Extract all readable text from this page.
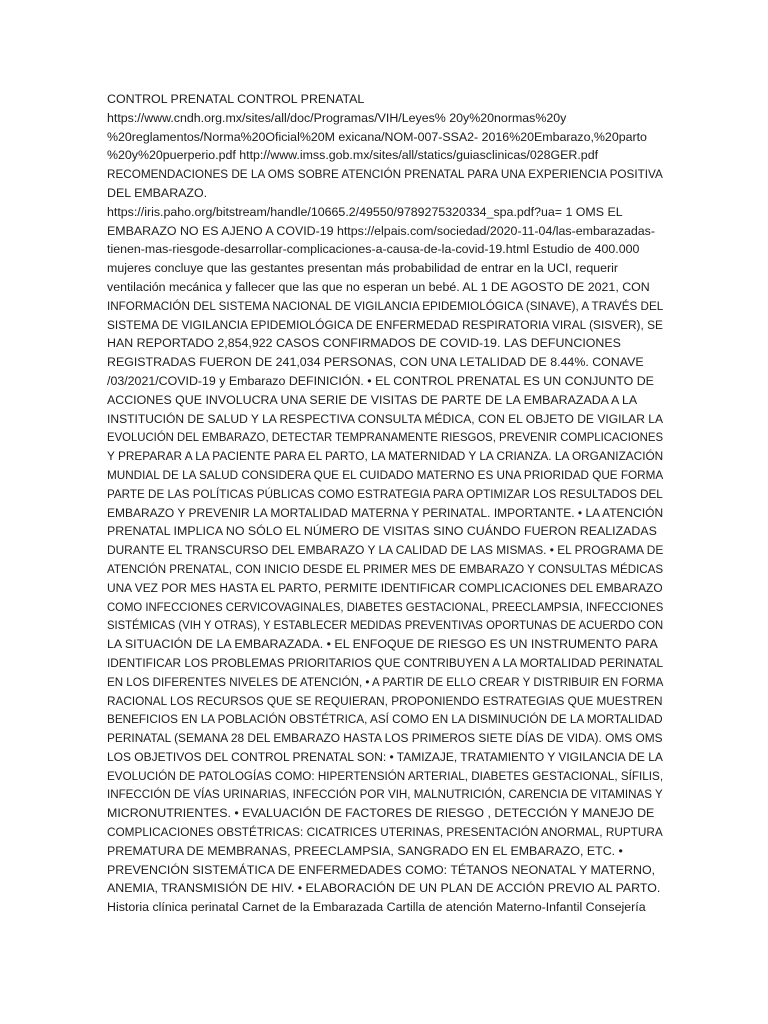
CONTROL PRENATAL CONTROL PRENATAL
https://www.cndh.org.mx/sites/all/doc/Programas/VIH/Leyes% 20y%20normas%20y
%20reglamentos/Norma%20Oficial%20M exicana/NOM-007-SSA2- 2016%20Embarazo,%20parto
%20y%20puerperio.pdf http://www.imss.gob.mx/sites/all/statics/guiasclinicas/028GER.pdf
RECOMENDACIONES DE LA OMS SOBRE ATENCIÓN PRENATAL PARA UNA EXPERIENCIA POSITIVA
DEL EMBARAZO.
https://iris.paho.org/bitstream/handle/10665.2/49550/9789275320334_spa.pdf?ua= 1 OMS EL
EMBARAZO NO ES AJENO A COVID-19 https://elpais.com/sociedad/2020-11-04/las-embarazadas-
tienen-mas-riesgode-desarrollar-complicaciones-a-causa-de-la-covid-19.html Estudio de 400.000
mujeres concluye que las gestantes presentan más probabilidad de entrar en la UCI, requerir
ventilación mecánica y fallecer que las que no esperan un bebé. AL 1 DE AGOSTO DE 2021, CON
INFORMACIÓN DEL SISTEMA NACIONAL DE VIGILANCIA EPIDEMIOLÓGICA (SINAVE), A TRAVÉS DEL
SISTEMA DE VIGILANCIA EPIDEMIOLÓGICA DE ENFERMEDAD RESPIRATORIA VIRAL (SISVER), SE
HAN REPORTADO 2,854,922 CASOS CONFIRMADOS DE COVID-19. LAS DEFUNCIONES
REGISTRADAS FUERON DE 241,034 PERSONAS, CON UNA LETALIDAD DE 8.44%. CONAVE
/03/2021/COVID-19 y Embarazo DEFINICIÓN. • EL CONTROL PRENATAL ES UN CONJUNTO DE
ACCIONES QUE INVOLUCRA UNA SERIE DE VISITAS DE PARTE DE LA EMBARAZADA A LA
INSTITUCIÓN DE SALUD Y LA RESPECTIVA CONSULTA MÉDICA, CON EL OBJETO DE VIGILAR LA
EVOLUCIÓN DEL EMBARAZO, DETECTAR TEMPRANAMENTE RIESGOS, PREVENIR COMPLICACIONES
Y PREPARAR A LA PACIENTE PARA EL PARTO, LA MATERNIDAD Y LA CRIANZA. LA ORGANIZACIÓN
MUNDIAL DE LA SALUD CONSIDERA QUE EL CUIDADO MATERNO ES UNA PRIORIDAD QUE FORMA
PARTE DE LAS POLÍTICAS PÚBLICAS COMO ESTRATEGIA PARA OPTIMIZAR LOS RESULTADOS DEL
EMBARAZO Y PREVENIR LA MORTALIDAD MATERNA Y PERINATAL. IMPORTANTE. • LA ATENCIÓN
PRENATAL IMPLICA NO SÓLO EL NÚMERO DE VISITAS SINO CUÁNDO FUERON REALIZADAS
DURANTE EL TRANSCURSO DEL EMBARAZO Y LA CALIDAD DE LAS MISMAS. • EL PROGRAMA DE
ATENCIÓN PRENATAL, CON INICIO DESDE EL PRIMER MES DE EMBARAZO Y CONSULTAS MÉDICAS
UNA VEZ POR MES HASTA EL PARTO, PERMITE IDENTIFICAR COMPLICACIONES DEL EMBARAZO
COMO INFECCIONES CERVICOVAGINALES, DIABETES GESTACIONAL, PREECLAMPSIA, INFECCIONES
SISTÉMICAS (VIH Y OTRAS), Y ESTABLECER MEDIDAS PREVENTIVAS OPORTUNAS DE ACUERDO CON
LA SITUACIÓN DE LA EMBARAZADA. • EL ENFOQUE DE RIESGO ES UN INSTRUMENTO PARA
IDENTIFICAR LOS PROBLEMAS PRIORITARIOS QUE CONTRIBUYEN A LA MORTALIDAD PERINATAL
EN LOS DIFERENTES NIVELES DE ATENCIÓN, • A PARTIR DE ELLO CREAR Y DISTRIBUIR EN FORMA
RACIONAL LOS RECURSOS QUE SE REQUIERAN, PROPONIENDO ESTRATEGIAS QUE MUESTREN
BENEFICIOS EN LA POBLACIÓN OBSTÉTRICA, ASÍ COMO EN LA DISMINUCIÓN DE LA MORTALIDAD
PERINATAL (SEMANA 28 DEL EMBARAZO HASTA LOS PRIMEROS SIETE DÍAS DE VIDA). OMS OMS
LOS OBJETIVOS DEL CONTROL PRENATAL SON: • TAMIZAJE, TRATAMIENTO Y VIGILANCIA DE LA
EVOLUCIÓN DE PATOLOGÍAS COMO: HIPERTENSIÓN ARTERIAL, DIABETES GESTACIONAL, SÍFILIS,
INFECCIÓN DE VÍAS URINARIAS, INFECCIÓN POR VIH, MALNUTRICIÓN, CARENCIA DE VITAMINAS Y
MICRONUTRIENTES. • EVALUACIÓN DE FACTORES DE RIESGO , DETECCIÓN Y MANEJO DE
COMPLICACIONES OBSTÉTRICAS: CICATRICES UTERINAS, PRESENTACIÓN ANORMAL, RUPTURA
PREMATURA DE MEMBRANAS, PREECLAMPSIA, SANGRADO EN EL EMBARAZO, ETC. •
PREVENCIÓN SISTEMÁTICA DE ENFERMEDADES COMO: TÉTANOS NEONATAL Y MATERNO,
ANEMIA, TRANSMISIÓN DE HIV. • ELABORACIÓN DE UN PLAN DE ACCIÓN PREVIO AL PARTO.
Historia clínica perinatal Carnet de la Embarazada Cartilla de atención Materno-Infantil Consejería
